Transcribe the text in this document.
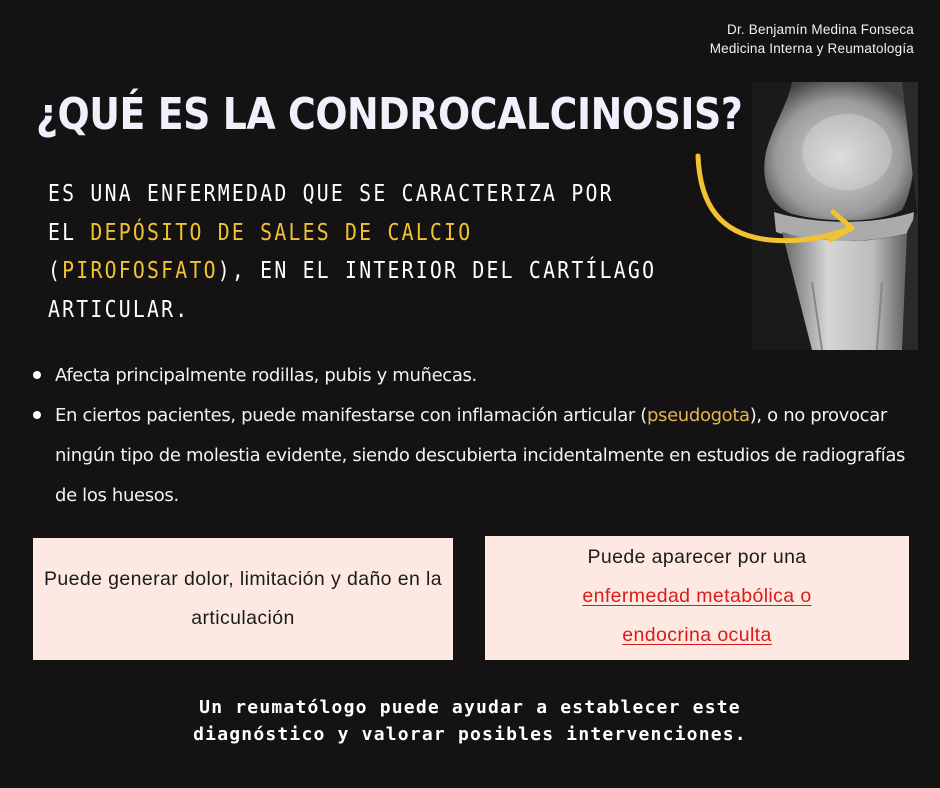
Dr. Benjamín Medina Fonseca
Medicina Interna y Reumatología
¿QUÉ ES LA CONDROCALCINOSIS?
ES UNA ENFERMEDAD QUE SE CARACTERIZA POR
EL DEPÓSITO DE SALES DE CALCIO
(PIROFOSFATO), EN EL INTERIOR DEL CARTÍLAGO
ARTICULAR.
Afecta principalmente rodillas, pubis y muñecas.
En ciertos pacientes, puede manifestarse con inflamación articular (pseudogota), o no provocar ningún tipo de molestia evidente, siendo descubierta incidentalmente en estudios de radiografías de los huesos.
Puede generar dolor, limitación y daño en la articulación
Puede aparecer por una
enfermedad metabólica o endocrina oculta
Un reumatólogo puede ayudar a establecer este
diagnóstico y valorar posibles intervenciones.
